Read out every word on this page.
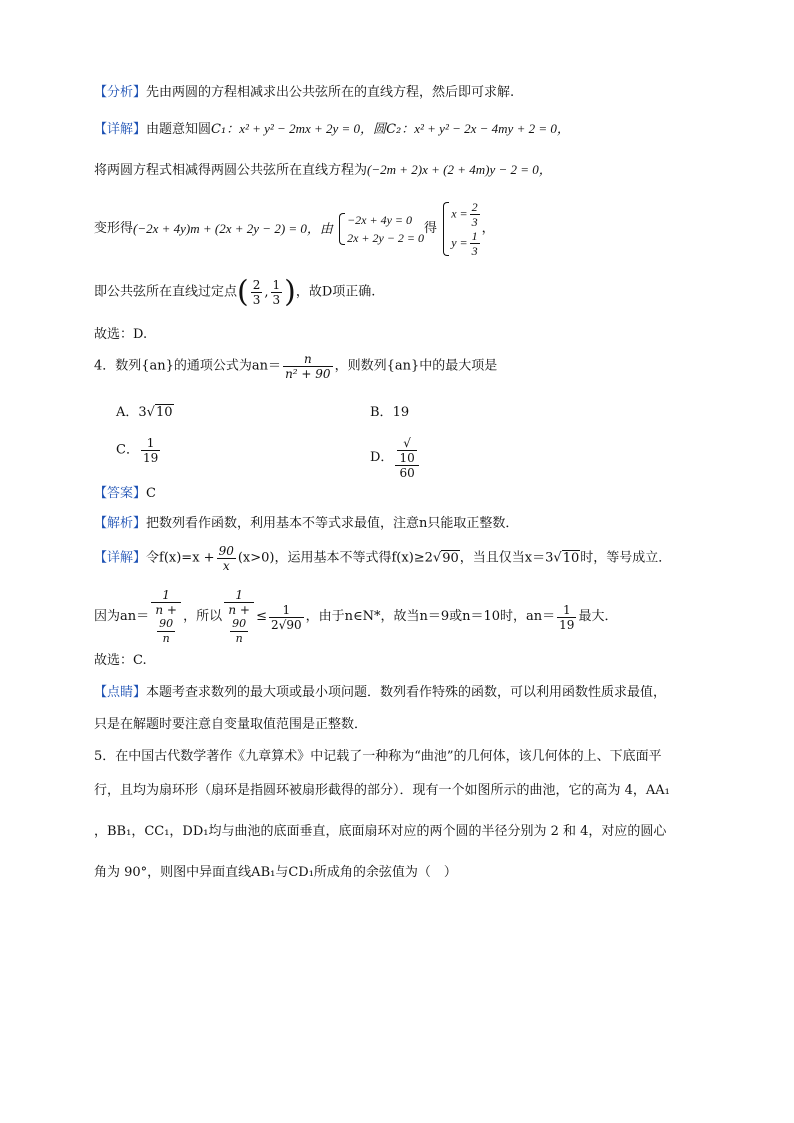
【分析】先由两圆的方程相减求出公共弦所在的直线方程，然后即可求解.
【详解】由题意知圆C₁：x² + y² − 2mx + 2y = 0，圆C₂：x² + y² − 2x − 4my + 2 = 0，
将两圆方程式相减得两圆公共弦所在直线方程为(−2m + 2)x + (2 + 4m)y − 2 = 0，
变形得(−2x + 4y)m + (2x + 2y − 2) = 0，由
−2x + 4y = 0
2x + 2y − 2 = 0
得
$x = \frac{2}{3}$
$y = \frac{1}{3}$
，
即公共弦所在直线过定点( $\frac{2}{3}$ , $\frac{1}{3}$ )，故D项正确.
故选：D.
4．数列{an}的通项公式为$an= \frac{n}{\text{n² + 90}}$ ，则数列{an}中的最大项是
A．3√10	B．19
C． $\frac{1}{19}$	D． √
10
60
【答案】C
【解析】把数列看作函数，利用基本不等式求最值，注意n只能取正整数．
【详解】令$f(x)=x + \frac{90}{x} (x>0)$，运用基本不等式得f(x)≥2√90，当且仅当x＝3√10时，等号成立．
因为an＝ 1
n +
90
n ，所以 1
n +
90
$n \le \frac{1}{2√90}$ ，由于n∈N*，故当n＝9或n＝10时，$an= \frac{1}{19}$ 最大．
故选：C.
【点睛】本题考查求数列的最大项或最小项问题．数列看作特殊的函数，可以利用函数性质求最值，
只是在解题时要注意自变量取值范围是正整数．
5．在中国古代数学著作《九章算术》中记载了一种称为“曲池”的几何体，该几何体的上、下底面平
行，且均为扇环形（扇环是指圆环被扇形截得的部分）．现有一个如图所示的曲池，它的高为 4，AA₁
，BB₁，CC₁，DD₁均与曲池的底面垂直，底面扇环对应的两个圆的半径分别为 2 和 4，对应的圆心
角为 90°，则图中异面直线AB₁与CD₁所成角的余弦值为（　）
